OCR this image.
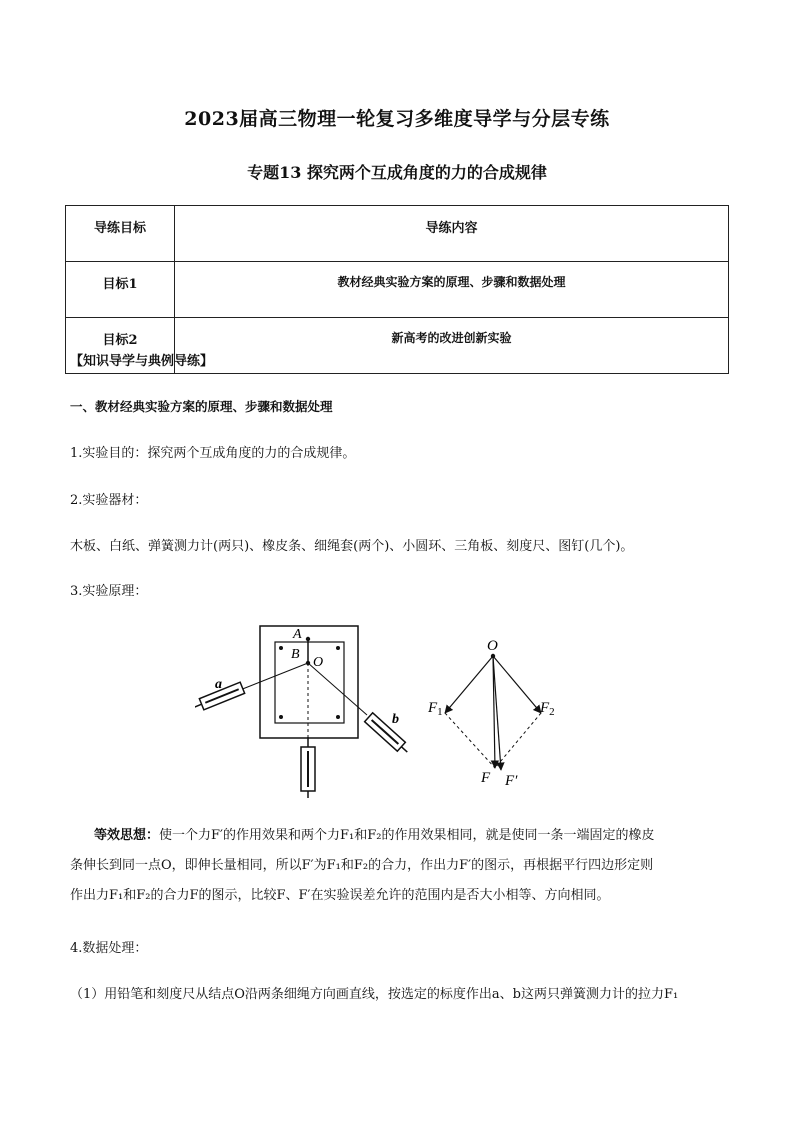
2023届高三物理一轮复习多维度导学与分层专练
专题13 探究两个互成角度的力的合成规律
导练目标	导练内容
目标1	教材经典实验方案的原理、步骤和数据处理
目标2	新高考的改进创新实验
【知识导学与典例导练】
一、教材经典实验方案的原理、步骤和数据处理
1.实验目的：探究两个互成角度的力的合成规律。
2.实验器材：
木板、白纸、弹簧测力计(两只)、橡皮条、细绳套(两个)、小圆环、三角板、刻度尺、图钉(几个)。
3.实验原理：
A
B
O
a
b
O
$F_1$	$F_2$
F F′
等效思想：使一个力F′的作用效果和两个力F₁和F₂的作用效果相同，就是使同一条一端固定的橡皮
条伸长到同一点O，即伸长量相同，所以F′为F₁和F₂的合力，作出力F′的图示，再根据平行四边形定则
作出力F₁和F₂的合力F的图示，比较F、F′在实验误差允许的范围内是否大小相等、方向相同。
4.数据处理：
（1）用铅笔和刻度尺从结点O沿两条细绳方向画直线，按选定的标度作出a、b这两只弹簧测力计的拉力F₁
